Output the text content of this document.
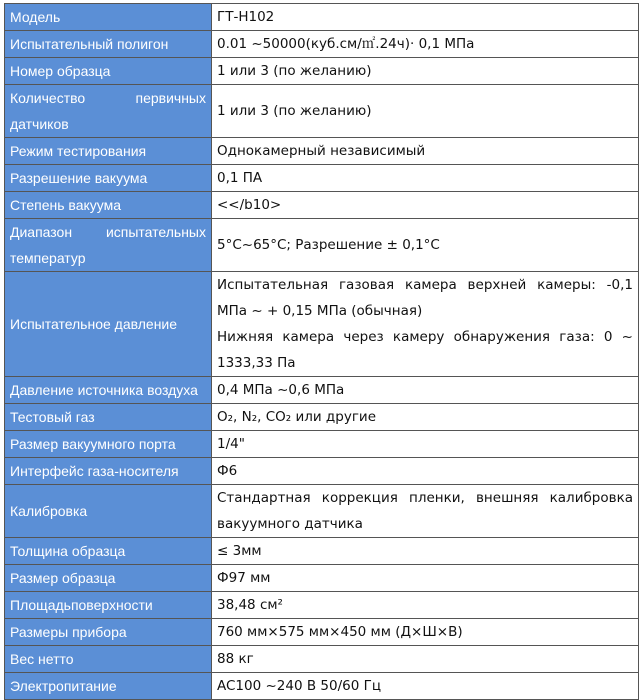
Модель	ГТ-Н102
Испытательный полигон	0.01 ~50000(куб.см/㎡.24ч)· 0,1 МПа
Номер образца	1 или 3 (по желанию)
Количество первичных датчиков	1 или 3 (по желанию)
Режим тестирования	Однокамерный независимый
Разрешение вакуума	0,1 ПА
Степень вакуума	<</b10>
Диапазон испытательных температур	5°C~65°C; Разрешение ± 0,1°C
Испытательное давление	Испытательная газовая камера верхней камеры: -0,1 МПа ~ + 0,15 МПа (обычная)

Нижняя камера через камеру обнаружения газа: 0 ~ 1333,33 Па

Давление источника воздуха	0,4 МПа ~0,6 МПа
Тестовый газ	O₂, N₂, CO₂ или другие
Размер вакуумного порта	1/4"
Интерфейс газа-носителя	Ф6
Калибровка	Стандартная коррекция пленки, внешняя калибровка вакуумного датчика
Толщина образца	≤ 3мм
Размер образца	Ф97 мм
Площадьповерхности	38,48 см²
Размеры прибора	760 мм×575 мм×450 мм (Д×Ш×В)
Вес нетто	88 кг
Электропитание	AC100 ~240 В 50/60 Гц
